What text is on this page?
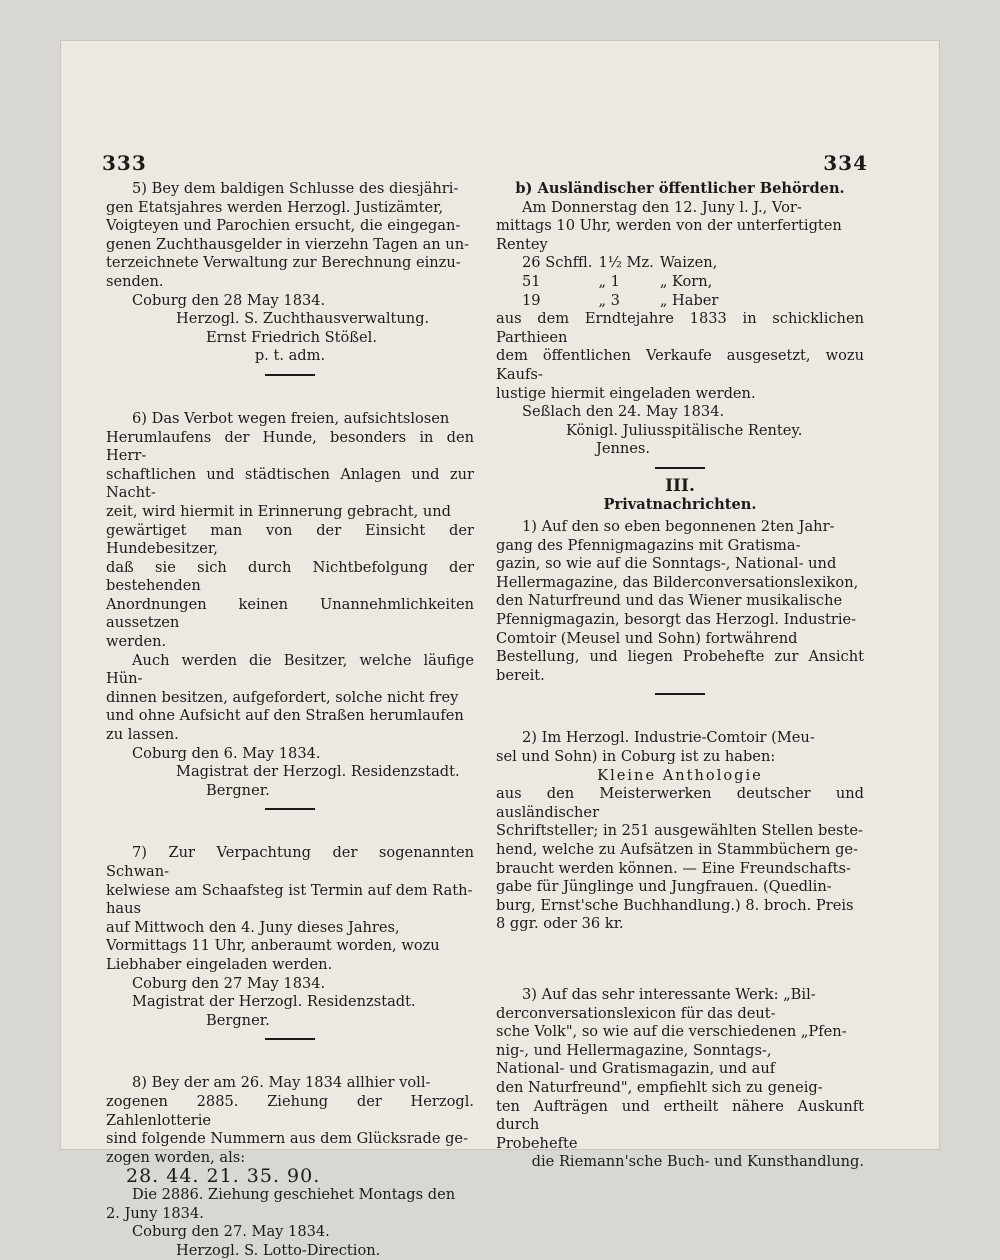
333	334

5) Bey dem baldigen Schlusse des diesjähri-
gen Etatsjahres werden Herzogl. Justizämter,
Voigteyen und Parochien ersucht, die eingegan-
genen Zuchthausgelder in vierzehn Tagen an un-
terzeichnete Verwaltung zur Berechnung einzu-
senden.

Coburg den 28 May 1834.
Herzogl. S. Zuchthausverwaltung.
Ernst Friedrich Stößel.
p. t. adm.

6) Das Verbot wegen freien, aufsichtslosen
Herumlaufens der Hunde, besonders in den Herr-
schaftlichen und städtischen Anlagen und zur Nacht-
zeit, wird hiermit in Erinnerung gebracht, und
gewärtiget man von der Einsicht der Hundebesitzer,
daß sie sich durch Nichtbefolgung der bestehenden
Anordnungen keinen Unannehmlichkeiten aussetzen
werden.
Auch werden die Besitzer, welche läufige Hün-
dinnen besitzen, aufgefordert, solche nicht frey
und ohne Aufsicht auf den Straßen herumlaufen
zu lassen.

Coburg den 6. May 1834.
Magistrat der Herzogl. Residenzstadt.
Bergner.

7) Zur Verpachtung der sogenannten Schwan-
kelwiese am Schaafsteg ist Termin auf dem Rath-
haus
auf Mittwoch den 4. Juny dieses Jahres,
Vormittags 11 Uhr, anberaumt worden, wozu
Liebhaber eingeladen werden.

Coburg den 27 May 1834.
Magistrat der Herzogl. Residenzstadt.
Bergner.

8) Bey der am 26. May 1834 allhier voll-
zogenen 2885. Ziehung der Herzogl. Zahlenlotterie
sind folgende Nummern aus dem Glücksrade ge-
zogen worden, als:

28. 44. 21. 35. 90.

Die 2886. Ziehung geschiehet Montags den
2. Juny 1834.

Coburg den 27. May 1834.
Herzogl. S. Lotto-Direction.
b) Ausländischer öffentlicher Behörden.

Am Donnerstag den 12. Juny l. J., Vor-
mittags 10 Uhr, werden von der unterfertigten
Rentey

26 Schffl.	1½ Mz.	Waizen,
51	„ 1	„ Korn,
19	„ 3	„ Haber

aus dem Erndtejahre 1833 in schicklichen Parthieen
dem öffentlichen Verkaufe ausgesetzt, wozu Kaufs-
lustige hiermit eingeladen werden.

Seßlach den 24. May 1834.
Königl. Juliusspitälische Rentey.
Jennes.
III.
Privatnachrichten.

1) Auf den so eben begonnenen 2ten Jahr-
gang des Pfennigmagazins mit Gratisma-
gazin, so wie auf die Sonntags-, National- und
Hellermagazine, das Bilderconversationslexikon,
den Naturfreund und das Wiener musikalische
Pfennigmagazin, besorgt das Herzogl. Industrie-
Comtoir (Meusel und Sohn) fortwährend
Bestellung, und liegen Probehefte zur Ansicht bereit.

2) Im Herzogl. Industrie-Comtoir (Meu-
sel und Sohn) in Coburg ist zu haben:

Kleine Anthologie

aus den Meisterwerken deutscher und ausländischer
Schriftsteller; in 251 ausgewählten Stellen beste-
hend, welche zu Aufsätzen in Stammbüchern ge-
braucht werden können. — Eine Freundschafts-
gabe für Jünglinge und Jungfrauen. (Quedlin-
burg, Ernst'sche Buchhandlung.) 8. broch. Preis
8 ggr. oder 36 kr.

3) Auf das sehr interessante Werk: „Bil-
derconversationslexicon für das deut-
sche Volk", so wie auf die verschiedenen „Pfen-
nig-, und Hellermagazine, Sonntags-,
National- und Gratismagazin, und auf
den Naturfreund", empfiehlt sich zu geneig-
ten Aufträgen und ertheilt nähere Auskunft durch
Probehefte

die Riemann'sche Buch- und Kunsthandlung.
